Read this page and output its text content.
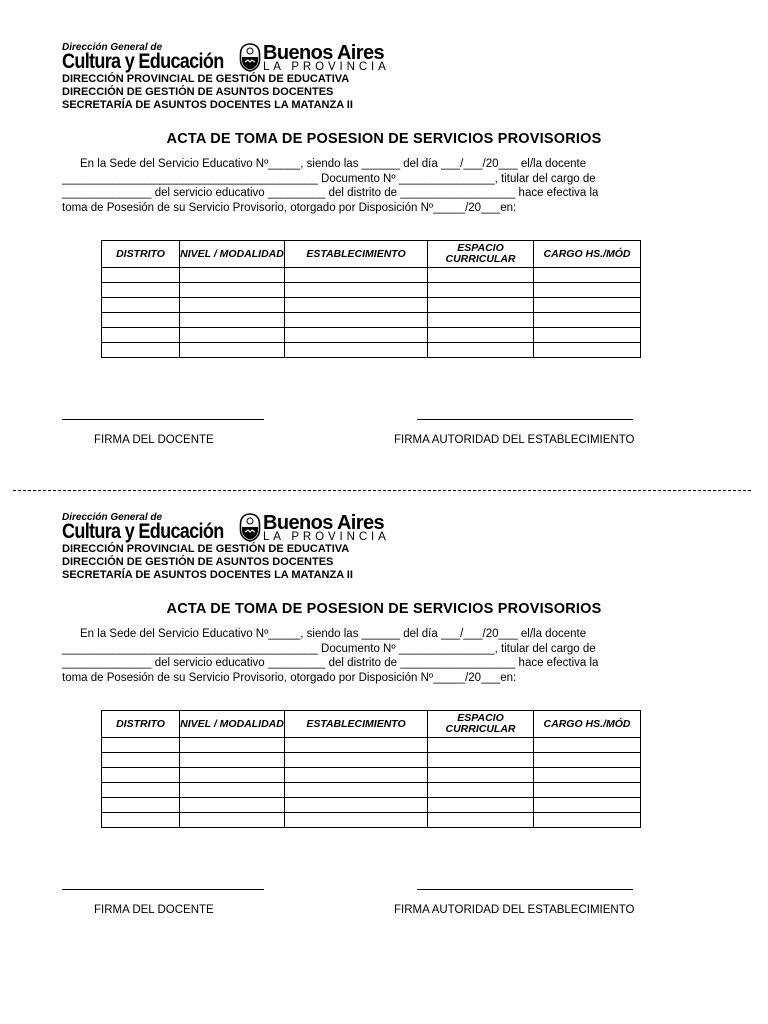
Dirección General de
Cultura y Educación Buenos Aires
LA PROVINCIA
DIRECCIÓN PROVINCIAL DE GESTIÓN DE EDUCATIVA
DIRECCIÓN DE GESTIÓN DE ASUNTOS DOCENTES
SECRETARÍA DE ASUNTOS DOCENTES LA MATANZA II
ACTA DE TOMA DE POSESION DE SERVICIOS PROVISORIOS

En la Sede del Servicio Educativo Nº_____, siendo las ______ del día ___/___/20___ el/la docente

________________________________________ Documento Nº _______________, titular del cargo de

______________ del servicio educativo _________ del distrito de __________________ hace efectiva la

toma de Posesión de su Servicio Provisorio, otorgado por Disposición Nº_____/20___en:

DISTRITO	NIVEL / MODALIDAD	ESTABLECIMIENTO	ESPACIO CURRICULAR	CARGO HS./MÓD

FIRMA DEL DOCENTE	FIRMA AUTORIDAD DEL ESTABLECIMIENTO
Dirección General de
Cultura y Educación Buenos Aires
LA PROVINCIA
DIRECCIÓN PROVINCIAL DE GESTIÓN DE EDUCATIVA
DIRECCIÓN DE GESTIÓN DE ASUNTOS DOCENTES
SECRETARÍA DE ASUNTOS DOCENTES LA MATANZA II
ACTA DE TOMA DE POSESION DE SERVICIOS PROVISORIOS

En la Sede del Servicio Educativo Nº_____, siendo las ______ del día ___/___/20___ el/la docente

________________________________________ Documento Nº _______________, titular del cargo de

______________ del servicio educativo _________ del distrito de __________________ hace efectiva la

toma de Posesión de su Servicio Provisorio, otorgado por Disposición Nº_____/20___en:

DISTRITO	NIVEL / MODALIDAD	ESTABLECIMIENTO	ESPACIO CURRICULAR	CARGO HS./MÓD

FIRMA DEL DOCENTE	FIRMA AUTORIDAD DEL ESTABLECIMIENTO
